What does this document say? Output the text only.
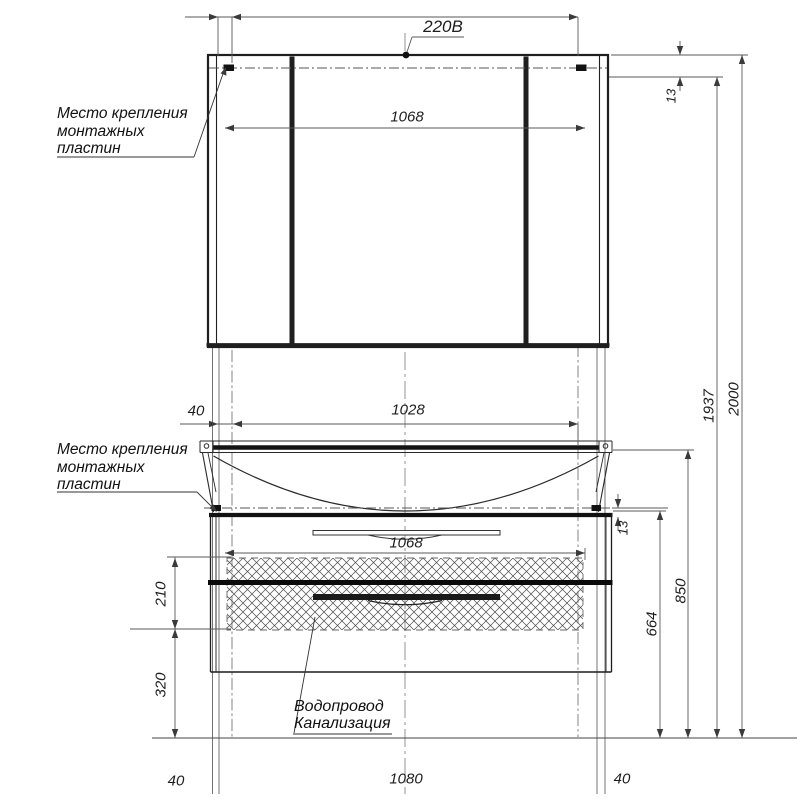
220В
1068
13
40	1028
1068
13
210
320
664
850
1937 2000
40	1080	40
Место крепления
монтажных
пластин
Место крепления
монтажных
пластин
Водопровод
Канализация
